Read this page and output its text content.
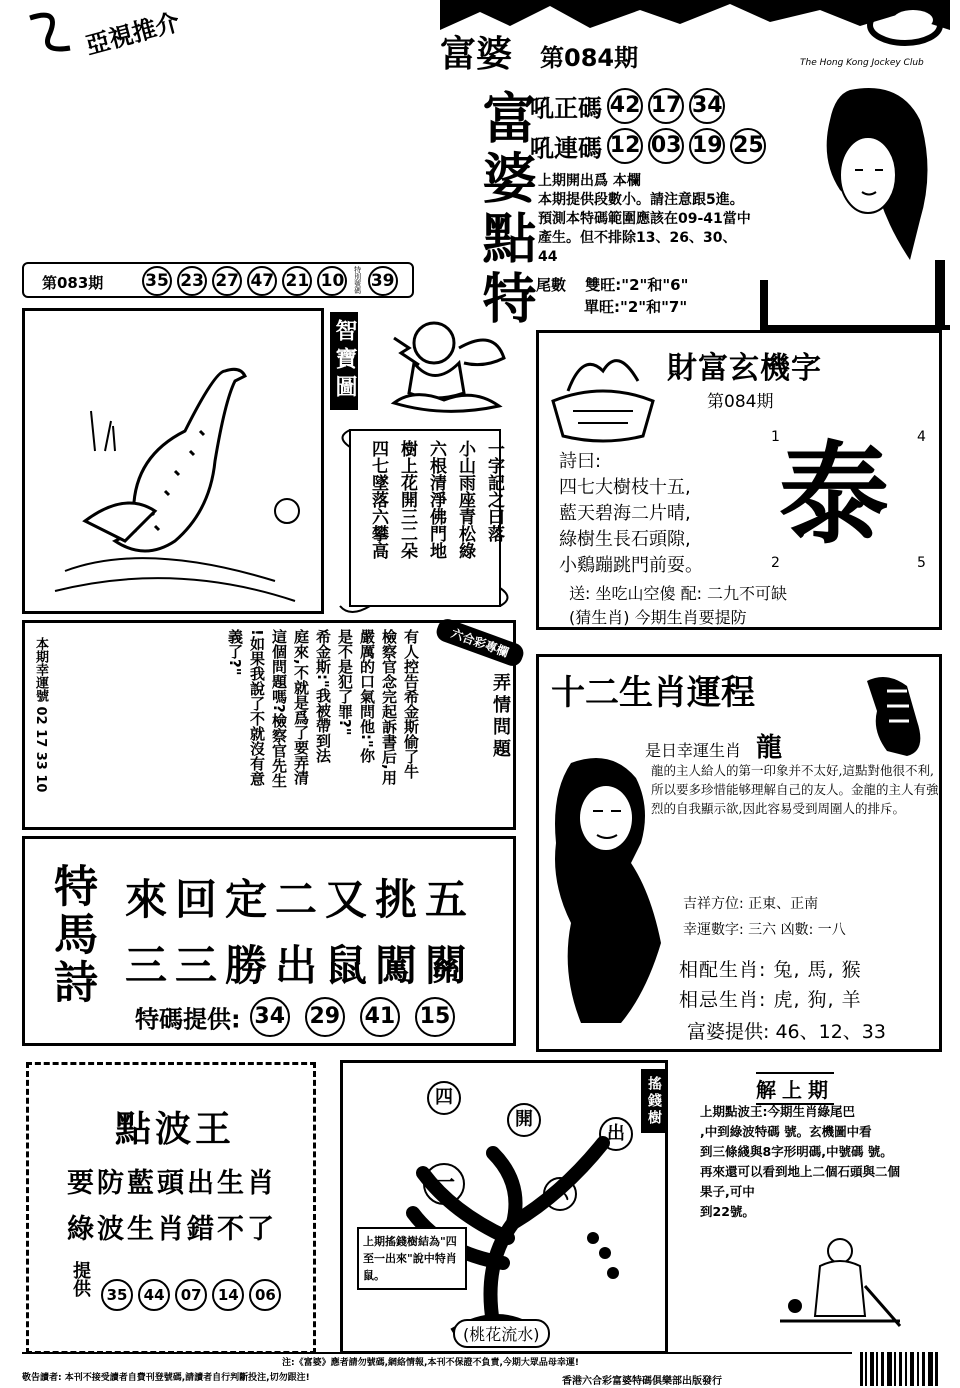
亞視推介	富婆 第084期	The Hong Kong Jockey Club
富婆點特
吼正碼 42 17 34
吼連碼 12 03 19 25
上期開出爲 本欄
本期提供段數小。請注意跟5進。
預測本特碼範圍應該在09-41當中
產生。但不排除13、26、30、
44
尾數 雙旺:"2"和"6"
單旺:"2"和"7"
第083期 35 23 27 47 21 10 特別號碼 39
智寶圖
一字記之曰落
小山雨座青松綠
六根清淨佛門地
樹上花開三二朵
四七墜落六攀高
財富玄機字
第084期
1	4
2	5
泰
詩曰:
四七大樹枝十五,
藍天碧海二片晴,
綠樹生長石頭隙,
小鷄蹦跳門前耍。
送: 坐吃山空傻 配: 二九不可缺
(猜生肖) 今期生肖要提防
本期幸運號 02 17 33 10	有人控告希金斯偷了牛
檢察官念完起訴書后,用
嚴厲的口氣問他:"你
是不是犯了罪?"
希金斯:"我被帶到法
庭來,不就是爲了要弄清
這個問題嗎?檢察官先生
!如果我說了不就沒有意
義了?"	六合彩專欄
弄情問題 十二生肖運程
是日幸運生肖 龍
龍的主人給人的第一印象并不太好,這點對他很不利,所以要多珍惜能够理解自己的友人。金龍的主人有強烈的自我顯示欲,因此容易受到周圍人的排斥。
吉祥方位: 正東、正南
幸運數字: 三六 凶數: 一八
相配生肖: 兔, 馬, 猴
相忌生肖: 虎, 狗, 羊
富婆提供: 46、12、33
特馬詩 來回定二又挑五
三三勝出鼠闖關
特碼提供: 34 29 41 15
點波王
要防藍頭出生肖
綠波生肖錯不了
提供	35 44 07 14 06
搖錢樹
四
開
出
一	六
上期搖錢樹結為"四至一出來"說中特肖鼠。
(桃花流水)
解上期
上期點波王:今期生肖綠尾巴
,中到綠波特碼 號。玄機圖中看
到三條綫與8字形明碼,中號碼 號。
再來還可以看到地上二個石頭與二個
果子,可中
到22號。
注:《富婆》應者請勿號碼,網絡情報,本刊不保證不負責,今期大眾品母幸運!
敬告讀者: 本刊不接受讀者自費刊登號碼,請讀者自行判斷投注,切勿跟注!	香港六合彩富婆特碼俱樂部出版發行
